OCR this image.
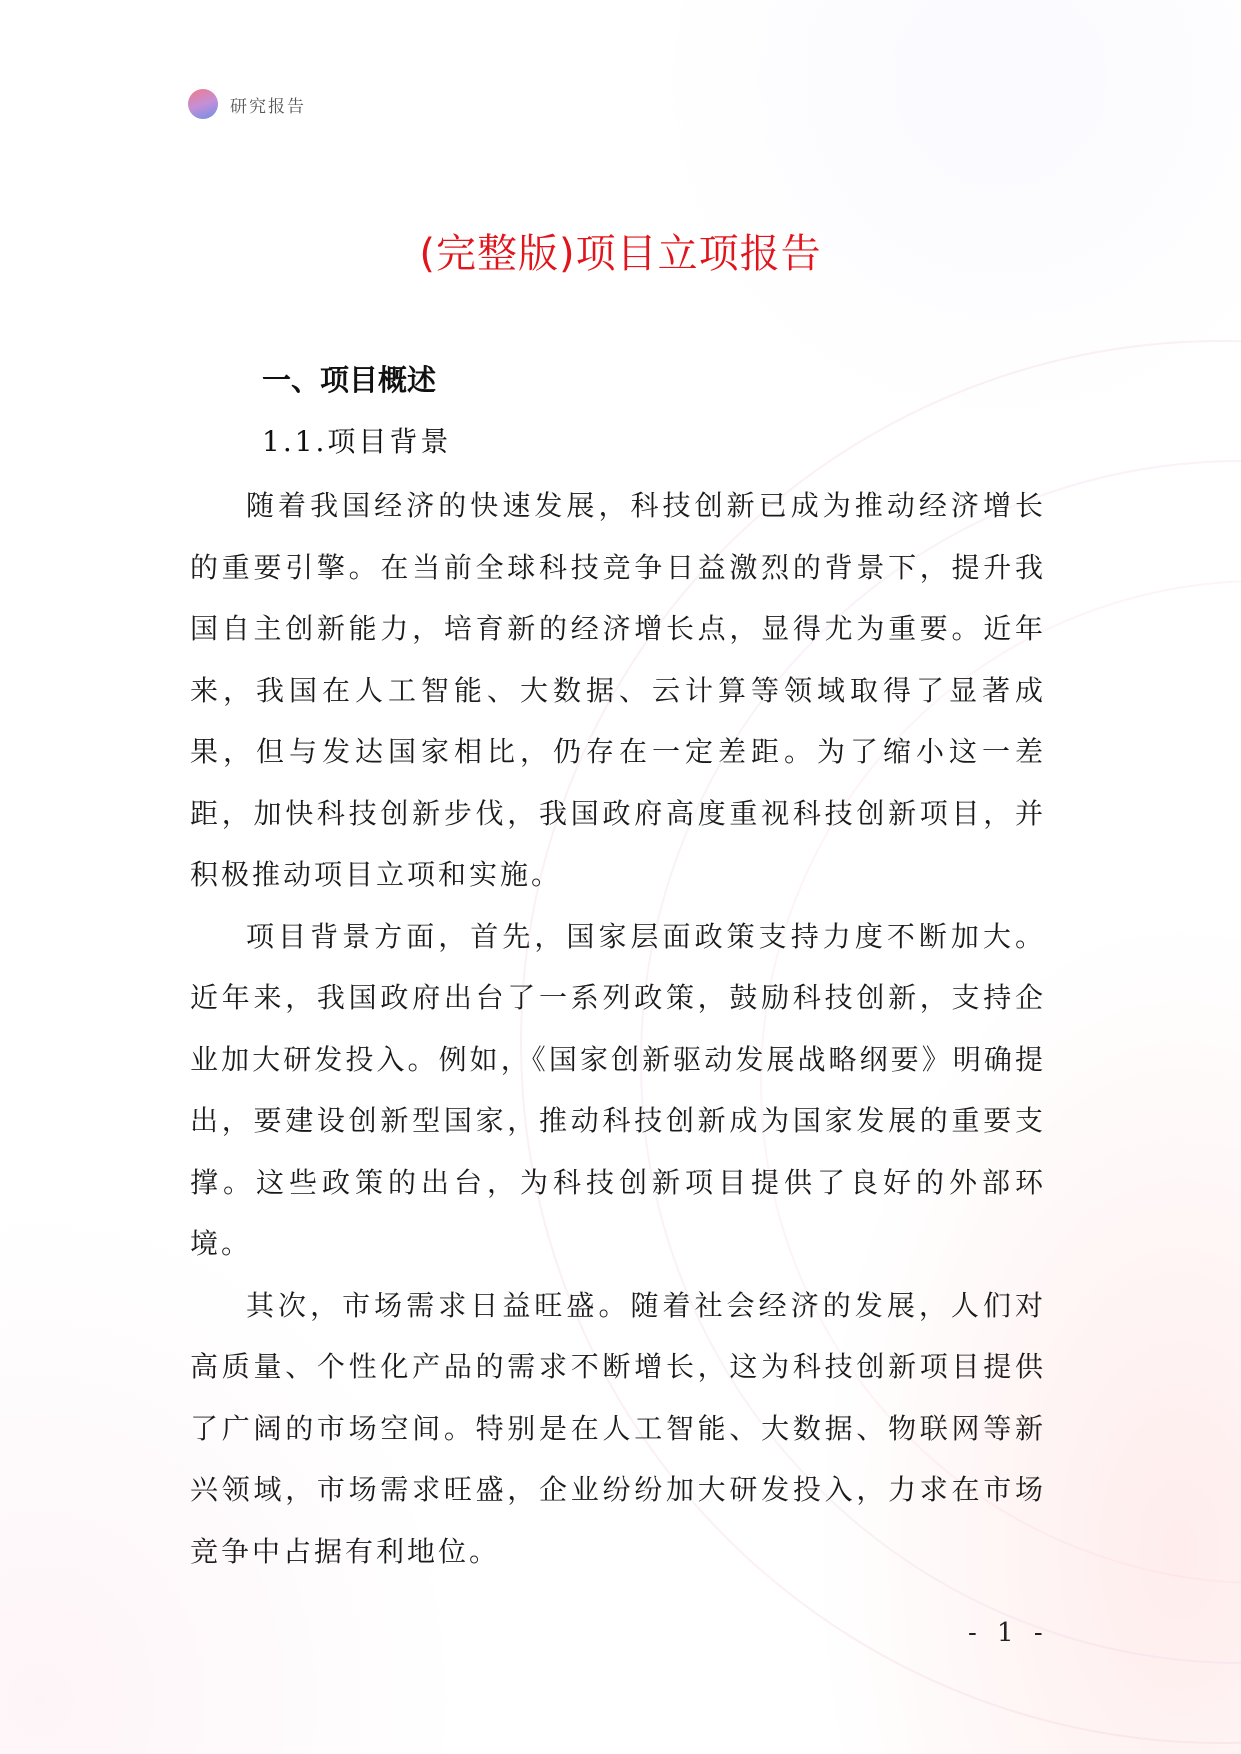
研究报告
(完整版)项目立项报告
一、项目概述
1.1.项目背景

随着我国经济的快速发展，科技创新已成为推动经济增长的重要引擎。在当前全球科技竞争日益激烈的背景下，提升我国自主创新能力，培育新的经济增长点，显得尤为重要。近年来，我国在人工智能、大数据、云计算等领域取得了显著成果，但与发达国家相比，仍存在一定差距。为了缩小这一差距，加快科技创新步伐，我国政府高度重视科技创新项目，并积极推动项目立项和实施。

项目背景方面，首先，国家层面政策支持力度不断加大。近年来，我国政府出台了一系列政策，鼓励科技创新，支持企业加大研发投入。例如，《国家创新驱动发展战略纲要》明确提出，要建设创新型国家，推动科技创新成为国家发展的重要支撑。这些政策的出台，为科技创新项目提供了良好的外部环境。

其次，市场需求日益旺盛。随着社会经济的发展，人们对高质量、个性化产品的需求不断增长，这为科技创新项目提供了广阔的市场空间。特别是在人工智能、大数据、物联网等新兴领域，市场需求旺盛，企业纷纷加大研发投入，力求在市场竞争中占据有利地位。

- 1 -
